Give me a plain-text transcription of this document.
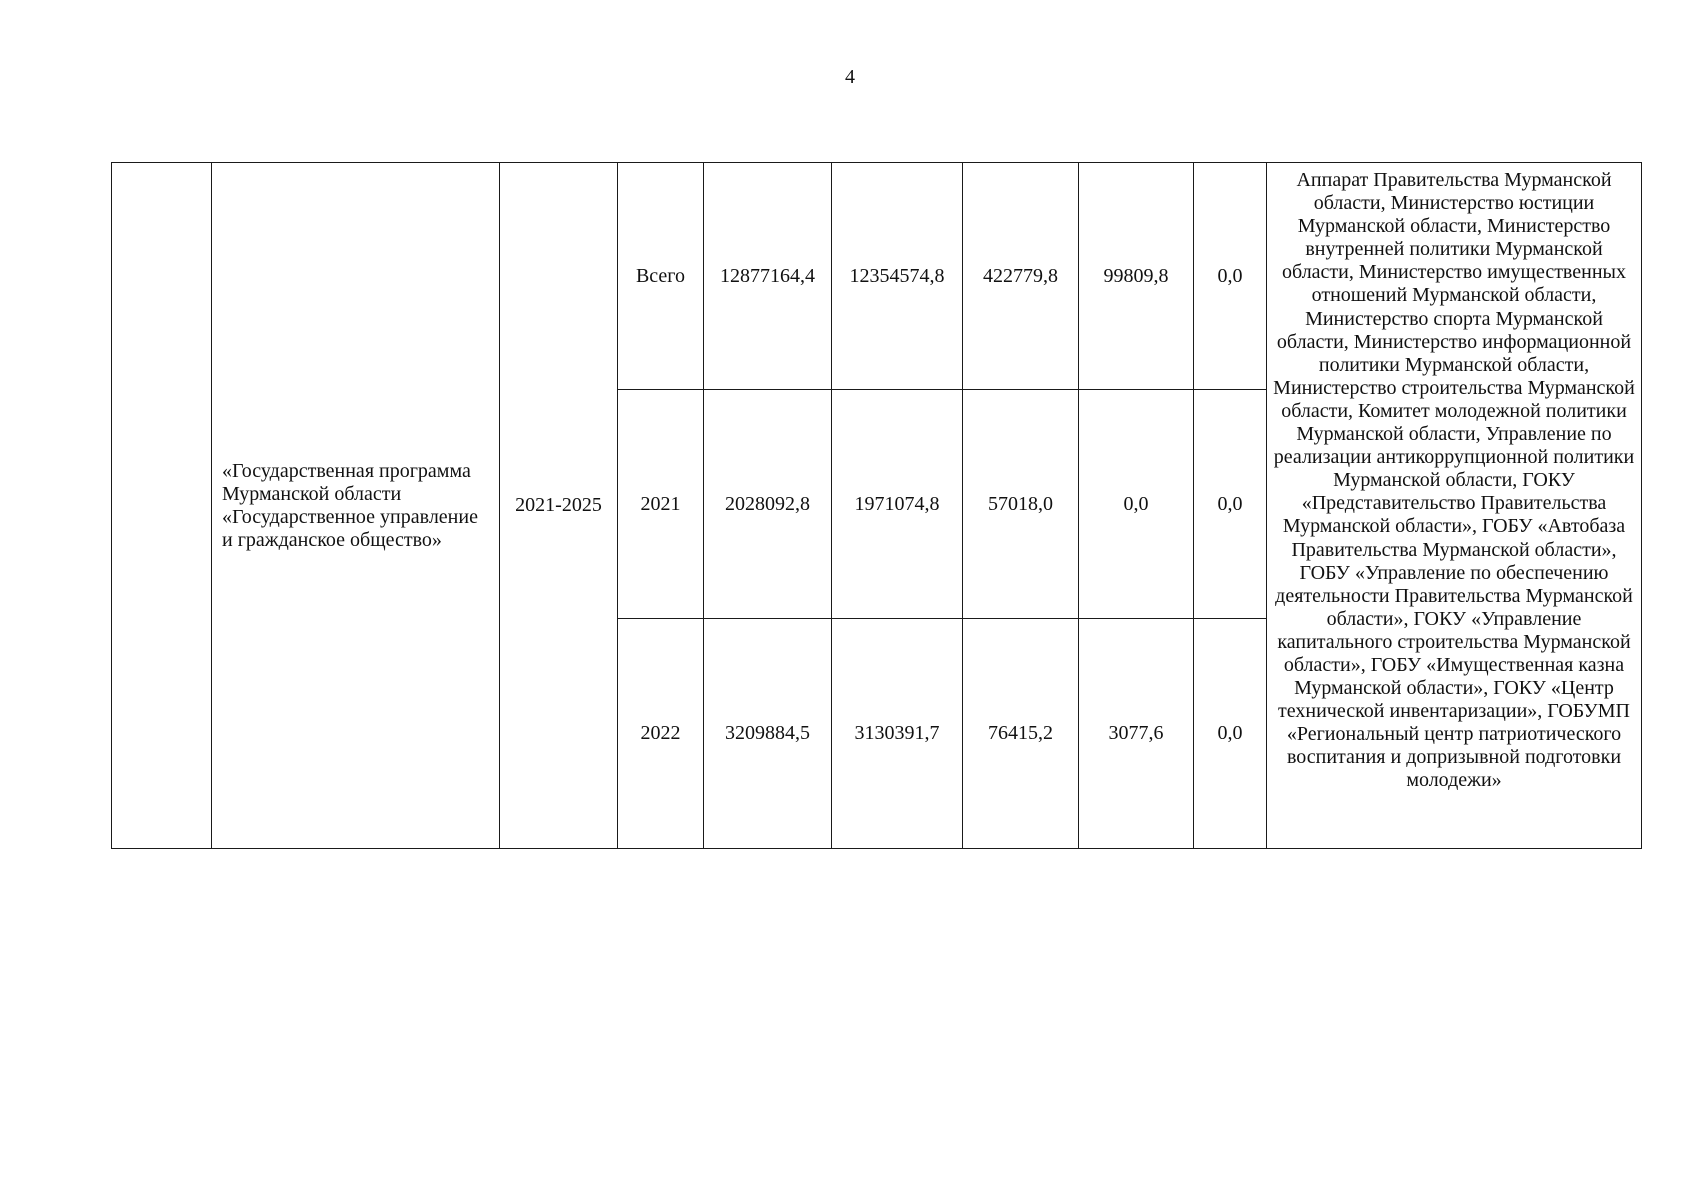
4
	«Государственная программа Мурманской области «Государственное управление и гражданское общество»	2021-2025	Всего	12877164,4	12354574,8	422779,8	99809,8	0,0	Аппарат Правительства Мурманской области, Министерство юстиции Мурманской области, Министерство внутренней политики Мурманской области, Министерство имущественных отношений Мурманской области, Министерство спорта Мурманской области, Министерство информационной политики Мурманской области, Министерство строительства Мурманской области, Комитет молодежной политики Мурманской области, Управление по реализации антикоррупционной политики Мурманской области, ГОКУ «Представительство Правительства Мурманской области», ГОБУ «Автобаза Правительства Мурманской области», ГОБУ «Управление по обеспечению деятельности Правительства Мурманской области», ГОКУ «Управление капитального строительства Мурманской области», ГОБУ «Имущественная казна Мурманской области», ГОКУ «Центр технической инвентаризации», ГОБУМП «Региональный центр патриотического воспитания и допризывной подготовки молодежи»
			2021	2028092,8	1971074,8	57018,0	0,0	0,0	
			2022	3209884,5	3130391,7	76415,2	3077,6	0,0	
